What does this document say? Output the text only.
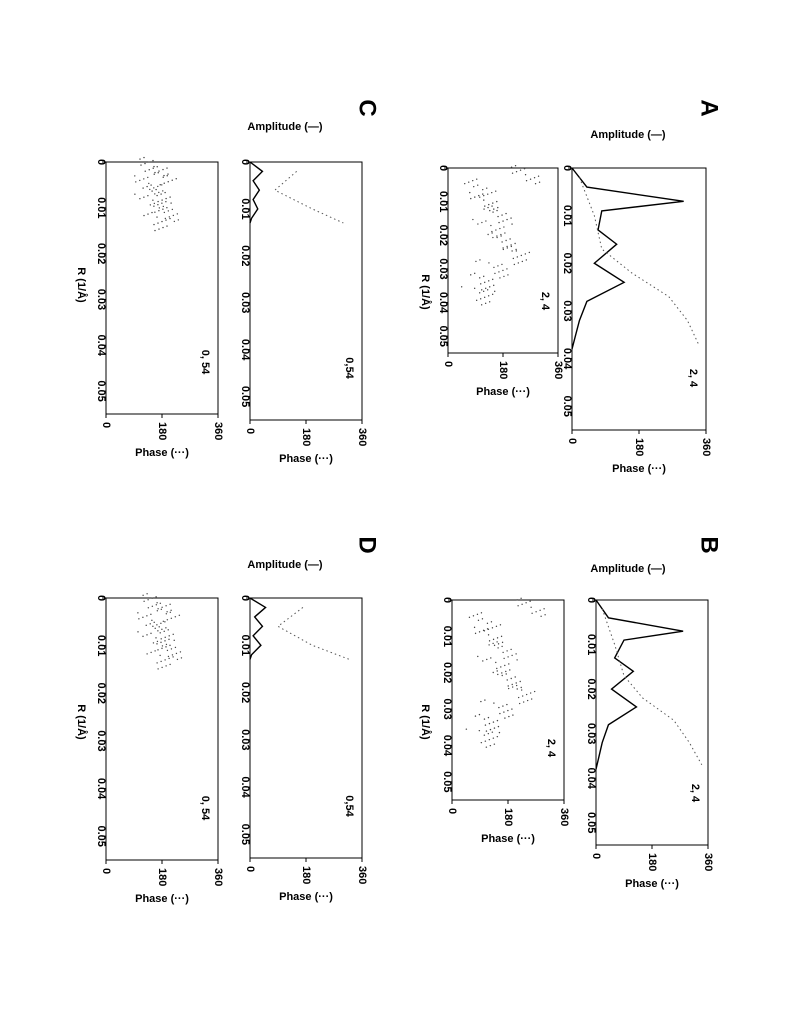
0
0.01
0.02
0.03
0.04
0.05
0	180	360
2, 4
0
0.01
0.02
0.03
0.04
0.05
0	180	360
2, 4
A
Amplitude (—)
Phase (···)
Phase (···)
R (1/Å)
0
0.01
0.02
0.03
0.04
0.05
0	180	360
2, 4
0
0.01
0.02
0.03
0.04
0.05
0	180	360
2, 4
B
Amplitude (—)
Phase (···)
Phase (···)
R (1/Å)
0
0.01
0.02
0.03
0.04
0.05
0	180	360
0,54
0
0.01
0.02
0.03
0.04
0.05
0	180	360
0, 54
C
Amplitude (—)
Phase (···)
Phase (···)
R (1/Å)
0
0.01
0.02
0.03
0.04
0.05
0	180	360
0,54
0
0.01
0.02
0.03
0.04
0.05
0	180	360
0, 54
D
Amplitude (—)
Phase (···)
Phase (···)
R (1/Å)
